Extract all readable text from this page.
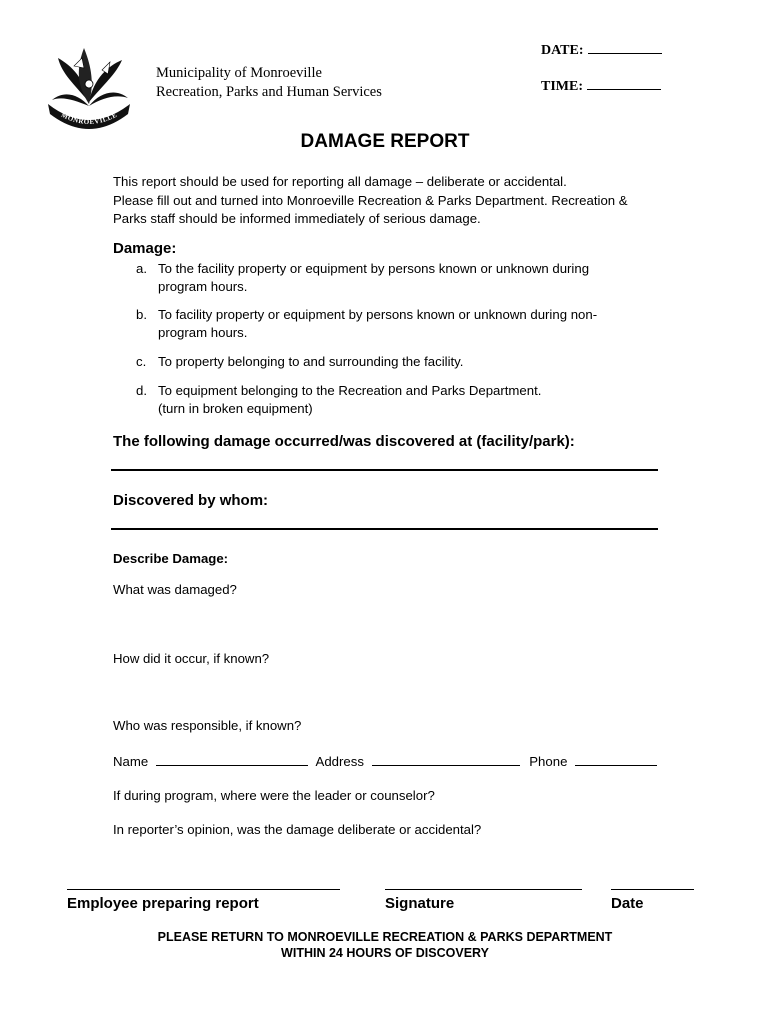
MONROEVILLE
Municipality of Monroeville
Recreation, Parks and Human Services
DATE:
TIME:
DAMAGE REPORT
This report should be used for reporting all damage – deliberate or accidental.
Please fill out and turned into Monroeville Recreation & Parks Department. Recreation &
Parks staff should be informed immediately of serious damage.
Damage:
a. To the facility property or equipment by persons known or unknown during
program hours.
b. To facility property or equipment by persons known or unknown during non-
program hours.
c. To property belonging to and surrounding the facility.
d. To equipment belonging to the Recreation and Parks Department.
(turn in broken equipment)
The following damage occurred/was discovered at (facility/park):
Discovered by whom:
Describe Damage:
What was damaged?
How did it occur, if known?
Who was responsible, if known?
Name	Address	Phone
If during program, where were the leader or counselor?
In reporter’s opinion, was the damage deliberate or accidental?
Employee preparing report	Signature	Date
PLEASE RETURN TO MONROEVILLE RECREATION & PARKS DEPARTMENT
WITHIN 24 HOURS OF DISCOVERY
